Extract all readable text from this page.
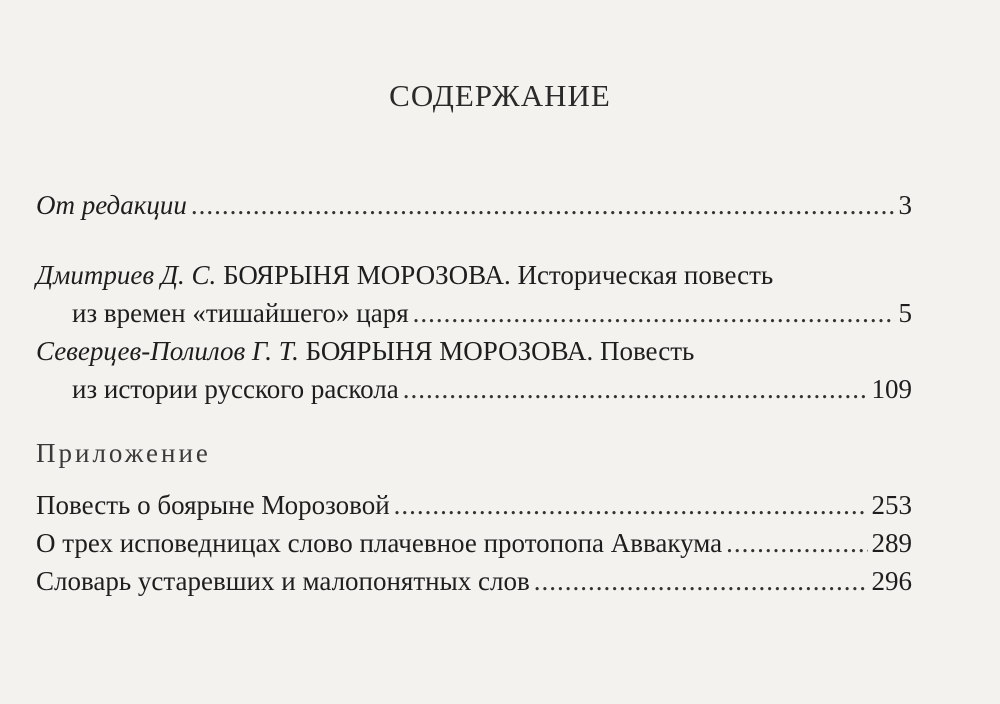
СОДЕРЖАНИЕ
От редакции .....	3
Дмитриев Д. С. БОЯРЫНЯ МОРОЗОВА. Историческая повесть
из времен «тишайшего» царя .....	5
Северцев-Полилов Г. Т. БОЯРЫНЯ МОРОЗОВА. Повесть
из истории русского раскола .....	109
Приложение
Повесть о боярыне Морозовой .....	253
О трех исповедницах слово плачевное протопопа Аввакума .....	289
Словарь устаревших и малопонятных слов .....	296
